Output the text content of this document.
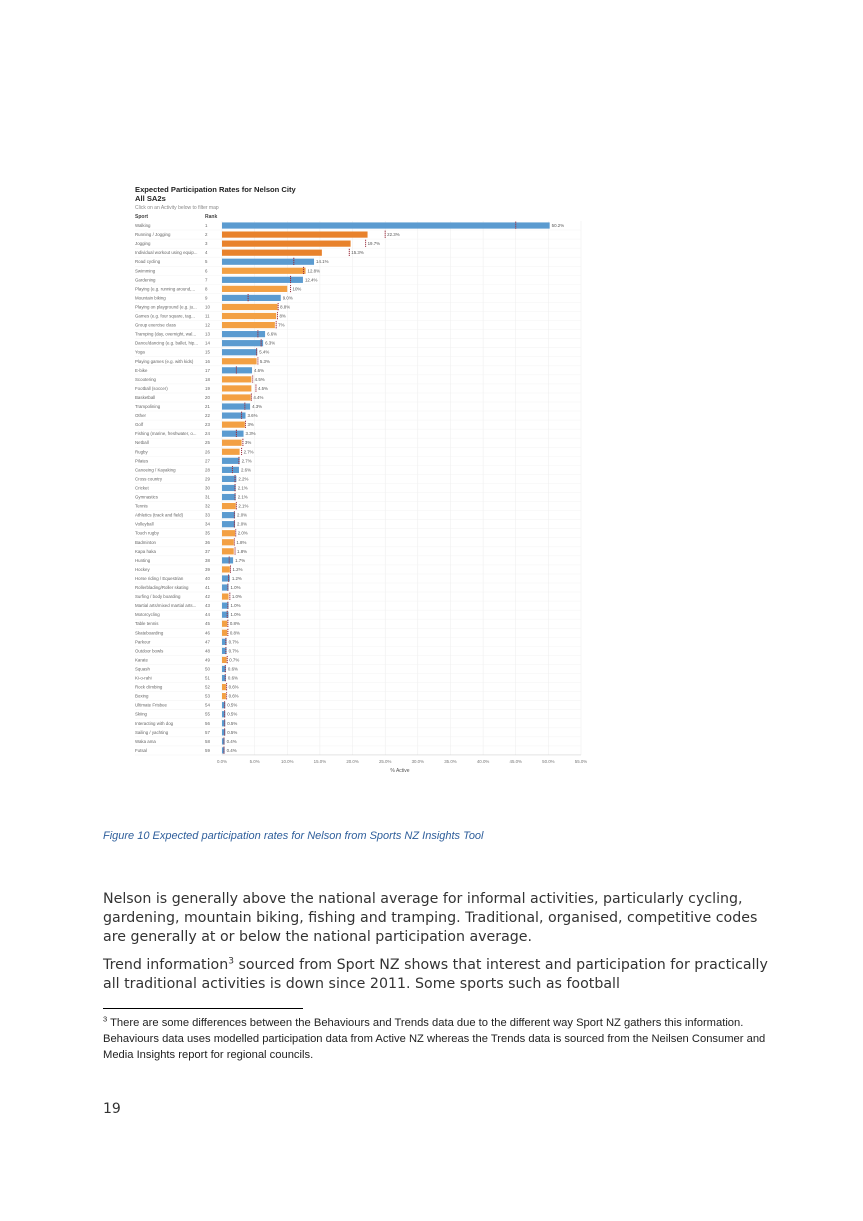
Expected Participation Rates for Nelson City
All SA2s
Click on an Activity below to filter map
Sport	Rank
Walking	1	50.2%
Running / Jogging	2	22.3%
Jogging	3	19.7%
Individual workout using equip... 4	15.3%
Road cycling	5	14.1%
Swimming	6	12.8%
Gardening	7	12.4%
Playing (e.g. running around,... 8	10%
Mountain biking	9	9.0%
Playing on playground (e.g. ju... 10	8.8%
Games (e.g. four square, tag... 11	8%
Group exercise class	12	7%
Tramping (day, overnight, wal... 13	6.6%
Dance/dancing (e.g. ballet, hip... 14	6.3%
Yoga	15	5.4%
Playing games (e.g. with kids)	16	5.3%
E-bike	17	4.6%
Scootering	18	4.5%
Football (soccer)	19	4.5%
Basketball	20	4.4%
Trampolining	21	4.3%
Other	22	3.6%
Golf	23	3%
Fishing (marine, freshwater, o... 24	3.3%
Netball	25	3%
Rugby	26	2.7%
Pilates	27	2.7%
Canoeing / Kayaking	28	2.6%
Cross country	29	2.2%
Cricket	30	2.1%
Gymnastics	31	2.1%
Tennis	32	2.1%
Athletics (track and field)	33	2.0%
Volleyball	34	2.0%
Touch rugby	35	2.0%
Badminton	36	1.8%
Kapa haka	37	1.8%
Hunting	38	1.7%
Hockey	39	1.2%
Horse riding / Equestrian	40	1.2%
Rollerblading/Roller skating	41	1.0%
Surfing / body boarding	42	1.0%
Martial arts/mixed martial arts... 43	1.0%
Motorcycling	44	1.0%
Table tennis	45	0.8%
Skateboarding	46	0.8%
Parkour	47	0.7%
Outdoor bowls	48	0.7%
Karate	49	0.7%
Squash	50	0.6%
Ki-o-rahi	51	0.6%
Rock climbing	52	0.6%
Boxing	53	0.6%
Ultimate Frisbee	54	0.5%
Skiing	55	0.5%
Interacting with dog	56	0.5%
Sailing / yachting	57	0.5%
Waka ama	58	0.4%
Futsal	59	0.4%
0.0%	5.0%	10.0%	15.0%	20.0%	25.0%	30.0%	35.0%	40.0%	45.0%	50.0%	55.0%
% Active

Figure 10 Expected participation rates for Nelson from Sports NZ Insights Tool

Nelson is generally above the national average for informal activities, particularly cycling, gardening, mountain biking, fishing and tramping. Traditional, organised, competitive codes are generally at or below the national participation average.

Trend information$^3$ sourced from Sport NZ shows that interest and participation for practically all traditional activities is down since 2011. Some sports such as football

$^3$ There are some differences between the Behaviours and Trends data due to the different way Sport NZ gathers this information. Behaviours data uses modelled participation data from Active NZ whereas the Trends data is sourced from the Neilsen Consumer and Media Insights report for regional councils.

19
